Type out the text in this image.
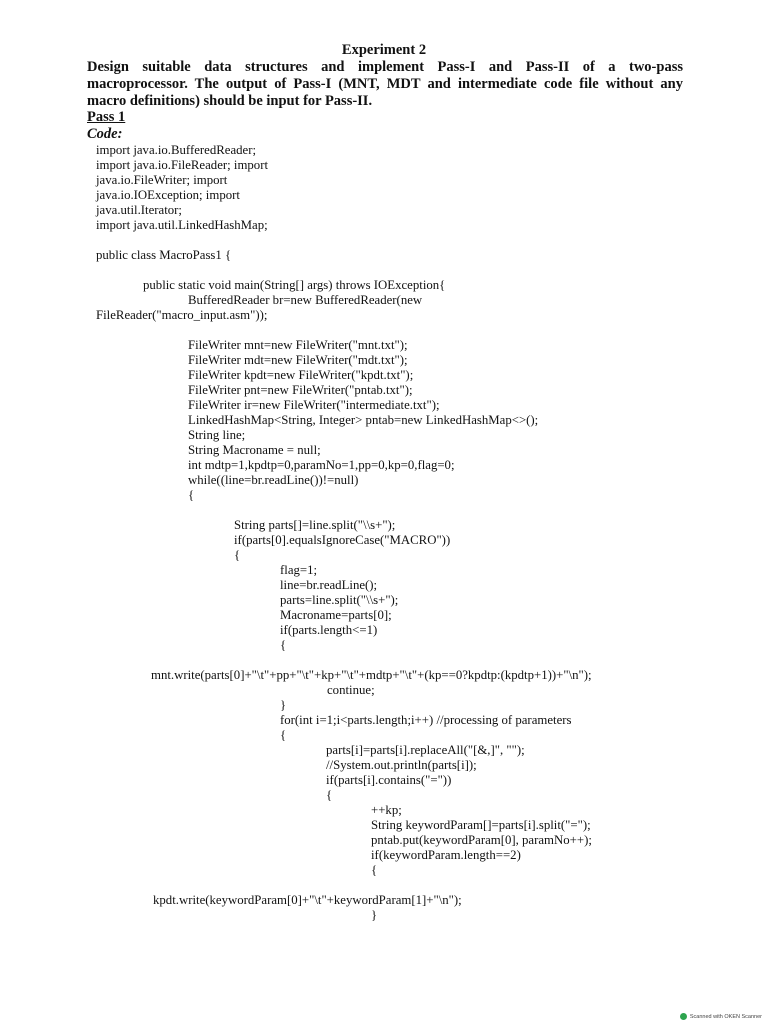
Experiment 2
Design suitable data structures and implement Pass-I and Pass-II of a two-pass
macroprocessor. The output of Pass-I (MNT, MDT and intermediate code file without any
macro definitions) should be input for Pass-II.
Pass 1
Code:
import java.io.BufferedReader;
import java.io.FileReader; import
java.io.FileWriter; import
java.io.IOException; import
java.util.Iterator;
import java.util.LinkedHashMap;
public class MacroPass1 {
public static void main(String[] args) throws IOException{
BufferedReader br=new BufferedReader(new
FileReader("macro_input.asm"));
FileWriter mnt=new FileWriter("mnt.txt");
FileWriter mdt=new FileWriter("mdt.txt");
FileWriter kpdt=new FileWriter("kpdt.txt");
FileWriter pnt=new FileWriter("pntab.txt");
FileWriter ir=new FileWriter("intermediate.txt");
LinkedHashMap<String, Integer> pntab=new LinkedHashMap<>();
String line;
String Macroname = null;
int mdtp=1,kpdtp=0,paramNo=1,pp=0,kp=0,flag=0;
while((line=br.readLine())!=null)
{
String parts[]=line.split("\\s+");
if(parts[0].equalsIgnoreCase("MACRO"))
{
flag=1;
line=br.readLine();
parts=line.split("\\s+");
Macroname=parts[0];
if(parts.length<=1)
{
mnt.write(parts[0]+"\t"+pp+"\t"+kp+"\t"+mdtp+"\t"+(kp==0?kpdtp:(kpdtp+1))+"\n");
continue;
}
for(int i=1;i<parts.length;i++) //processing of parameters
{
parts[i]=parts[i].replaceAll("[&,]", "");
//System.out.println(parts[i]);
if(parts[i].contains("="))
{
++kp;
String keywordParam[]=parts[i].split("=");
pntab.put(keywordParam[0], paramNo++);
if(keywordParam.length==2)
{
kpdt.write(keywordParam[0]+"\t"+keywordParam[1]+"\n");
}
Scanned with OKEN Scanner
